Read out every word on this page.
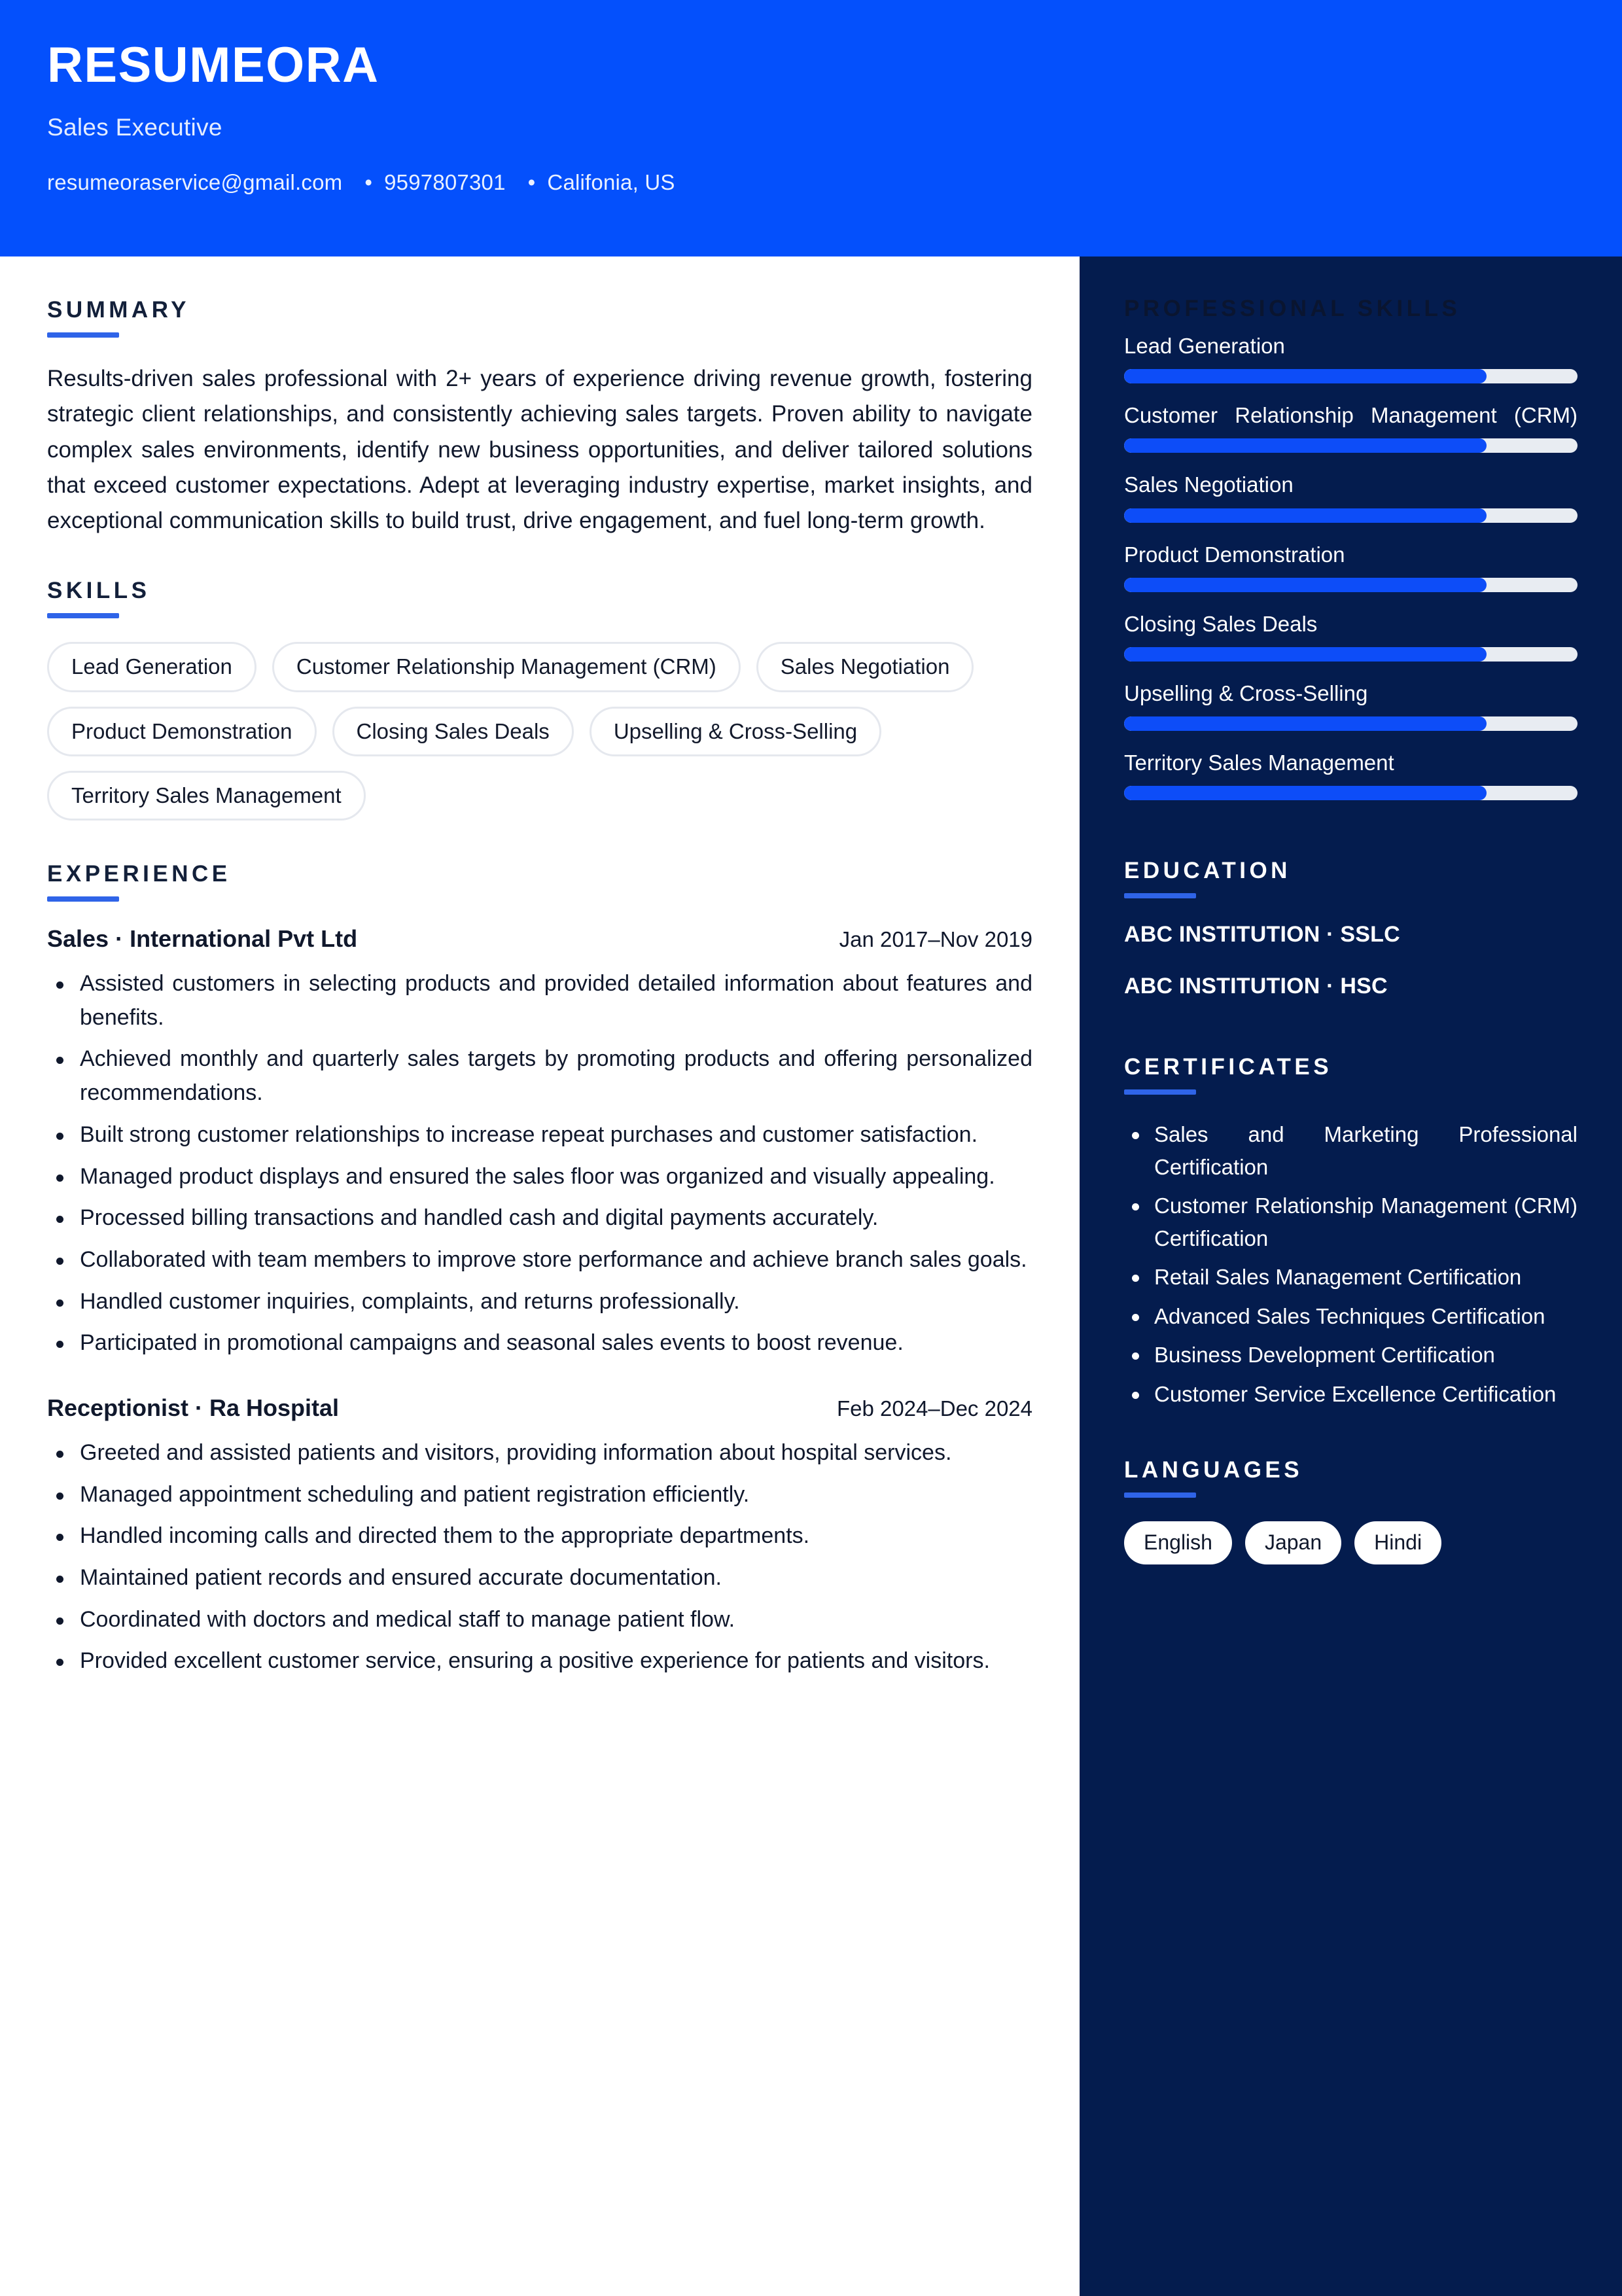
RESUMEORA
Sales Executive
resumeoraservice@gmail.com • 9597807301 • Califonia, US
SUMMARY

Results-driven sales professional with 2+ years of experience driving revenue growth, fostering strategic client relationships, and consistently achieving sales targets. Proven ability to navigate complex sales environments, identify new business opportunities, and deliver tailored solutions that exceed customer expectations. Adept at leveraging industry expertise, market insights, and exceptional communication skills to build trust, drive engagement, and fuel long-term growth.

SKILLS
Lead Generation	Customer Relationship Management (CRM)	Sales Negotiation
Product Demonstration	Closing Sales Deals	Upselling & Cross-Selling
Territory Sales Management
EXPERIENCE
Sales · International Pvt Ltd	Jan 2017–Nov 2019
Assisted customers in selecting products and provided detailed information about features and benefits.
Achieved monthly and quarterly sales targets by promoting products and offering personalized recommendations.
Built strong customer relationships to increase repeat purchases and customer satisfaction.
Managed product displays and ensured the sales floor was organized and visually appealing.
Processed billing transactions and handled cash and digital payments accurately.
Collaborated with team members to improve store performance and achieve branch sales goals.
Handled customer inquiries, complaints, and returns professionally.
Participated in promotional campaigns and seasonal sales events to boost revenue.
Receptionist · Ra Hospital	Feb 2024–Dec 2024
Greeted and assisted patients and visitors, providing information about hospital services.
Managed appointment scheduling and patient registration efficiently.
Handled incoming calls and directed them to the appropriate departments.
Maintained patient records and ensured accurate documentation.
Coordinated with doctors and medical staff to manage patient flow.
Provided excellent customer service, ensuring a positive experience for patients and visitors.
PROFESSIONAL SKILLS
Lead Generation
Customer Relationship Management (CRM)
Sales Negotiation
Product Demonstration
Closing Sales Deals
Upselling & Cross-Selling
Territory Sales Management
EDUCATION
ABC INSTITUTION · SSLC
ABC INSTITUTION · HSC
CERTIFICATES
Sales and Marketing Professional Certification
Customer Relationship Management (CRM) Certification
Retail Sales Management Certification
Advanced Sales Techniques Certification
Business Development Certification
Customer Service Excellence Certification
LANGUAGES
English	Japan	Hindi
